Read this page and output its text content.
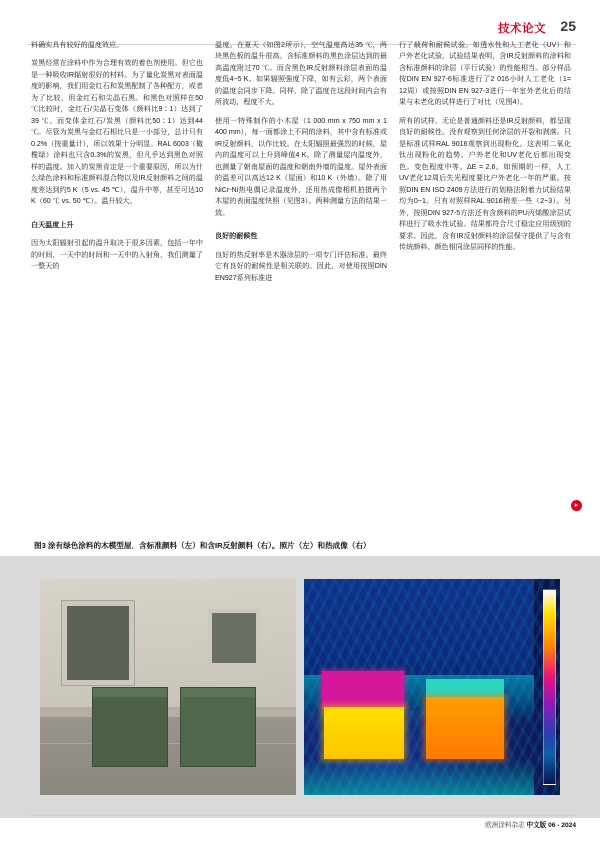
技术论文 25

料确实具有较好的温度效应。

炭黑经常在涂料中作为合理有效的着色剂使用。但它也是一种吸收IR辐射很好的材料。为了量化炭黑对表面温度的影响，我们用金红石和炭黑配制了各种配方，或者为了比较，用金红石和尖晶石黑。和黑色对照样在50 ℃比较时，金红石/尖晶石变体（颜料比9∶1）达到了39 ℃。而变体金红石/炭黑（颜料比50∶1）达到44 ℃。尽管为炭黑与金红石相比只是一小部分，总计只有0.2%（按重量计），所以效果十分明显。RAL 6003（橄榄绿）涂料也只含0.3%的炭黑，但凡乎达到黑色对照样的温度。加入的炭黑肯定是一个重要原因，所以为什么绿色涂料和标准颜料混合物以及IR反射颜料之间的温度差达到约5 K（5 vs. 45 ℃），温升中等，甚至可达10 K（60 ℃ vs. 50 ℃）。温升较大。

白天温度上升

因为太阳辐射引起的温升取决于很多因素，包括一年中的时间，一天中的时间和一天中的入射角，我们测量了一整天的

温度。在夏天（如图2所示），空气温度高达35 ℃，两块黑色板的温升很高。含标准颜料的黑色涂层达到的最高温度附过70 ℃。而含黑色IR反射颜料涂层表面的温度低4~5 K。如果辐照强度下降，如有云彩，两个表面的温度会同步下降。同样，除了温度在这段时间内会有所波动，程度不大。

使用一特殊制作的小木屋（1 000 mm x 750 mm x 1 400 mm），每一面都涂上不同的涂料，其中含有标准或IR反射颜料，以作比较。在太阳辐照最强烈的时候，屋内的温度可以上升到峰值4 K。除了测量屋内温度外，也测量了朝南屋面的温度和朝南外墙的温度。屋外表面的温差可以高达12 K（屋面）和10 K（外墙）。除了用NiCr-Ni热电偶记录温度外，还用热成像相机拍摄两个木屋的表面温度快照（见图3）。两种测量方法的结果一致。

良好的耐候性

良好的热反射率是木器涂层的一项专门评估标准。最终它有良好的耐候性是相关联的。因此，对使用按照DIN EN927系列标准进

行了载荷和耐候试验。如透水性和人工老化（UV）和户外老化试验。试验结果表明，含IR反射颜料的涂料和含标准颜料的涂层（平行试验）的性能相当。部分样品按DIN EN 927-6标准进行了2 016小时人工老化（1= 12周）或按照DIN EN 927-3进行一年室外老化后的结果与未老化的试样进行了对比（见图4）。

所有的试样，无论是普通颜料还是IR反射颜料，都呈现良好的耐候性。没有观察到任何涂层的开裂和剥落。只是标准试样RAL 9016观察到出现粉化。这表明二氧化钛出现粉化的趋势。户外老化和UV老化后都出现变色。变色程度中等。ΔE = 2.6。如预期的一样，人工UV老化12周后失光程度要比户外老化一年的严重。按照DIN EN ISO 2409方法进行的划格法附着力试验结果均为0~1。只有对照样RAL 9016稍差一些（2~3）。另外，按照DIN 927-5方法还有含颜料的PU丙烯酸涂层试样进行了吸水性试验。结果都符合尺寸稳定应用级别的要求。因此，含有IR反射颜料的涂层保守提供了与含有传统颜料、颜色相同涂层同样的性能。

▸
图3 涂有绿色涂料的木模型屋．含标准颜料（左）和含IR反射颜料（右）。照片（左）和热成像（右）
欧洲涂料杂志 中文版 06 - 2024
